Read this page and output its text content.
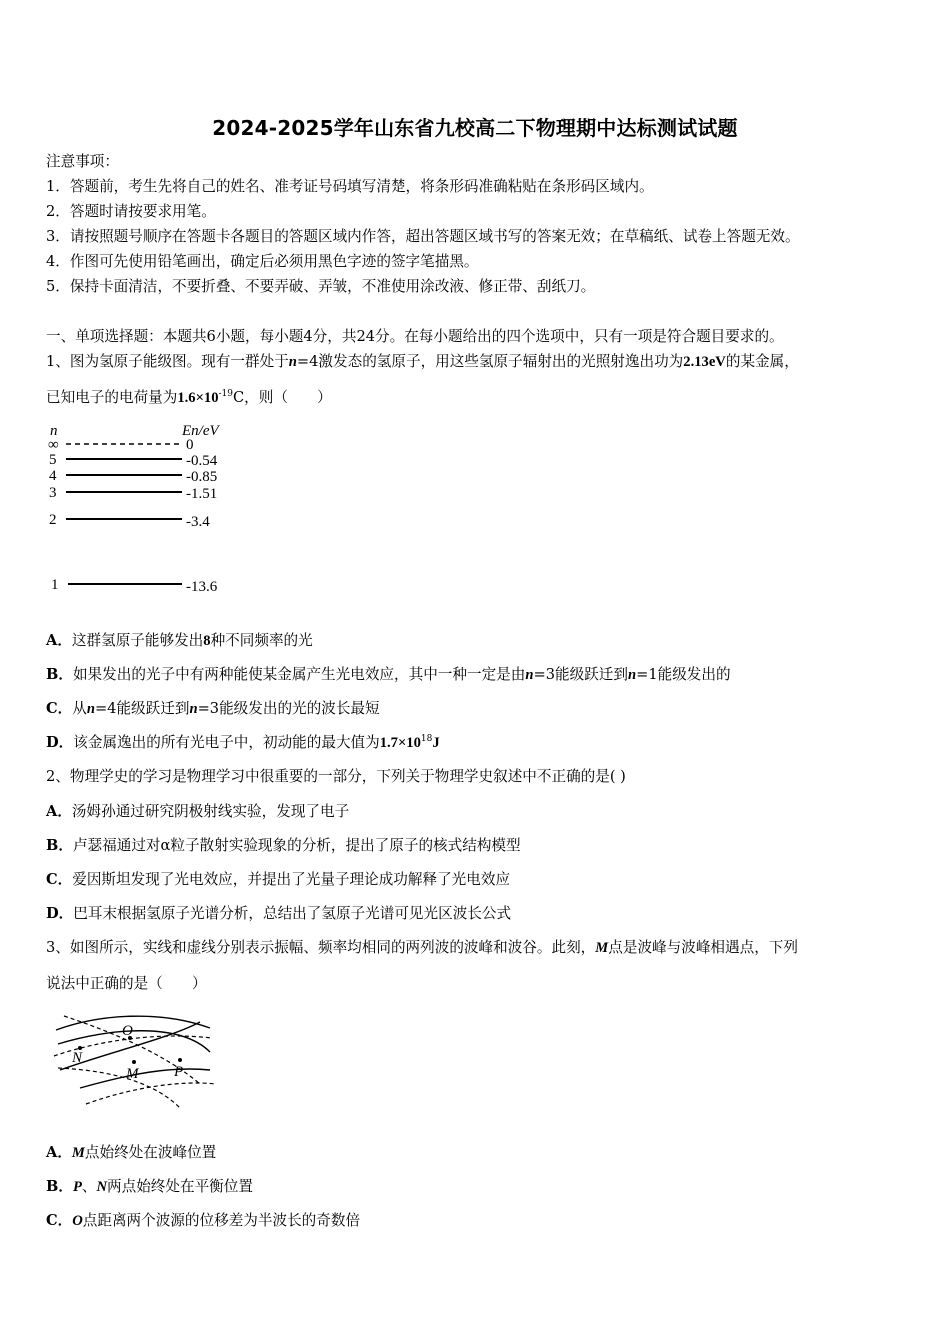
2024-2025学年山东省九校高二下物理期中达标测试试题
注意事项：
1．答题前，考生先将自己的姓名、准考证号码填写清楚，将条形码准确粘贴在条形码区域内。
2．答题时请按要求用笔。
3．请按照题号顺序在答题卡各题目的答题区域内作答，超出答题区域书写的答案无效；在草稿纸、试卷上答题无效。
4．作图可先使用铅笔画出，确定后必须用黑色字迹的签字笔描黑。
5．保持卡面清洁，不要折叠、不要弄破、弄皱，不准使用涂改液、修正带、刮纸刀。
一、单项选择题：本题共6小题，每小题4分，共24分。在每小题给出的四个选项中，只有一项是符合题目要求的。
1、图为氢原子能级图。现有一群处于n=4激发态的氢原子，用这些氢原子辐射出的光照射逸出功为2.13eV的某金属，
已知电子的电荷量为$1.6\times 10^{-19}C$，则（　　）
n	En/eV
∞	0
5	-0.54
4	-0.85
3	-1.51
2	-3.4
1	-13.6
A．这群氢原子能够发出8种不同频率的光
B．如果发出的光子中有两种能使某金属产生光电效应，其中一种一定是由n=3能级跃迁到n=1能级发出的
C．从n=4能级跃迁到n=3能级发出的光的波长最短
D．该金属逸出的所有光电子中，初动能的最大值为$1.7\times 10^{18}J$
2、物理学史的学习是物理学习中很重要的一部分，下列关于物理学史叙述中不正确的是( )
A．汤姆孙通过研究阴极射线实验，发现了电子
B．卢瑟福通过对α粒子散射实验现象的分析，提出了原子的核式结构模型
C．爱因斯坦发现了光电效应，并提出了光量子理论成功解释了光电效应
D．巴耳末根据氢原子光谱分析，总结出了氢原子光谱可见光区波长公式
3、如图所示，实线和虚线分别表示振幅、频率均相同的两列波的波峰和波谷。此刻，M点是波峰与波峰相遇点，下列
说法中正确的是（　　）
O
N
M P
A．M点始终处在波峰位置
B．P、N两点始终处在平衡位置
C．O点距离两个波源的位移差为半波长的奇数倍
